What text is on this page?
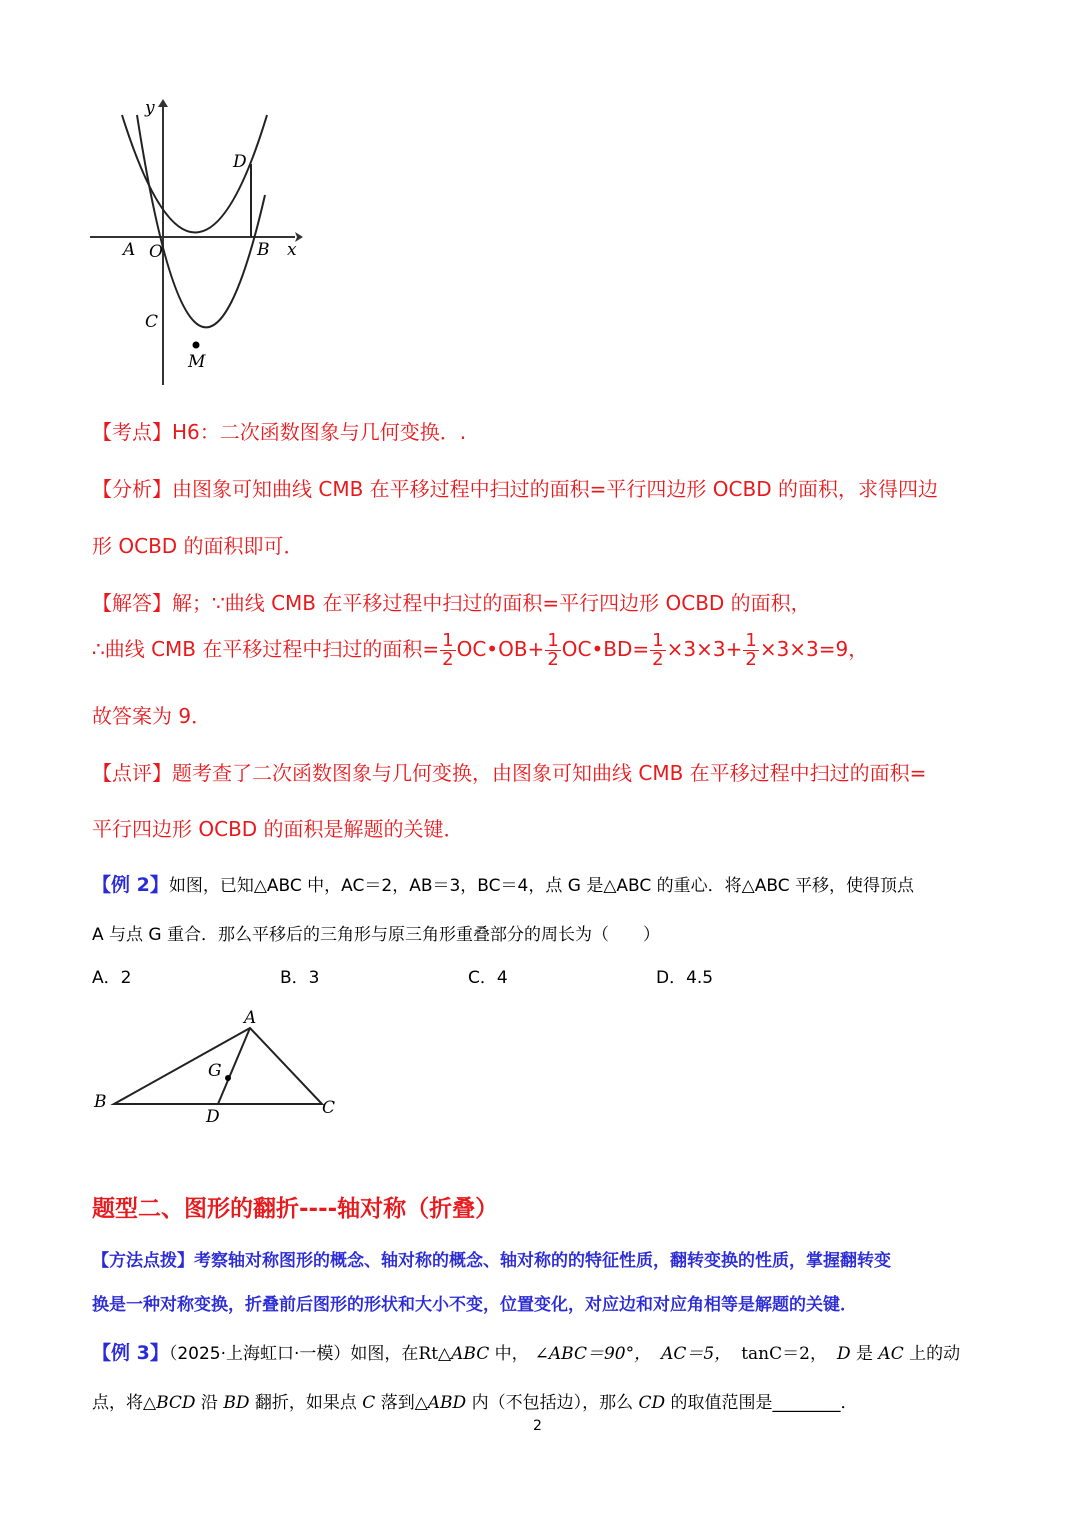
y
D
A O	B x
C
M
【考点】H6：二次函数图象与几何变换．.
【分析】由图象可知曲线 CMB 在平移过程中扫过的面积=平行四边形 OCBD 的面积，求得四边
形 OCBD 的面积即可．
【解答】解；∵曲线 CMB 在平移过程中扫过的面积=平行四边形 OCBD 的面积，
∴曲线 CMB 在平移过程中扫过的面积= $\frac{1}{2}$ OC•OB+ $\frac{1}{2}$ OC•BD= $\frac{1}{2} \times 3\times 3+ \frac{1}{2} \times 3\times 3=9$，
故答案为 9．
【点评】题考查了二次函数图象与几何变换，由图象可知曲线 CMB 在平移过程中扫过的面积=
平行四边形 OCBD 的面积是解题的关键．
【例 2】如图，已知△ABC 中，AC＝2，AB＝3，BC＝4，点 G 是△ABC 的重心．将△ABC 平移，使得顶点
A 与点 G 重合．那么平移后的三角形与原三角形重叠部分的周长为（　　）
A．2	B．3	C．4	D．4.5
A
G
B
D	C
题型二、图形的翻折----轴对称（折叠）
【方法点拨】考察轴对称图形的概念、轴对称的概念、轴对称的的特征性质，翻转变换的性质，掌握翻转变
换是一种对称变换，折叠前后图形的形状和大小不变，位置变化，对应边和对应角相等是解题的关键．
【例 3】（2025·上海虹口·一模）如图，在Rt△ABC 中， ∠ABC＝90°， AC＝5， tanC＝2， D 是 AC 上的动
点，将△BCD 沿 BD 翻折，如果点 C 落到△ABD 内（不包括边），那么 CD 的取值范围是________．
2
